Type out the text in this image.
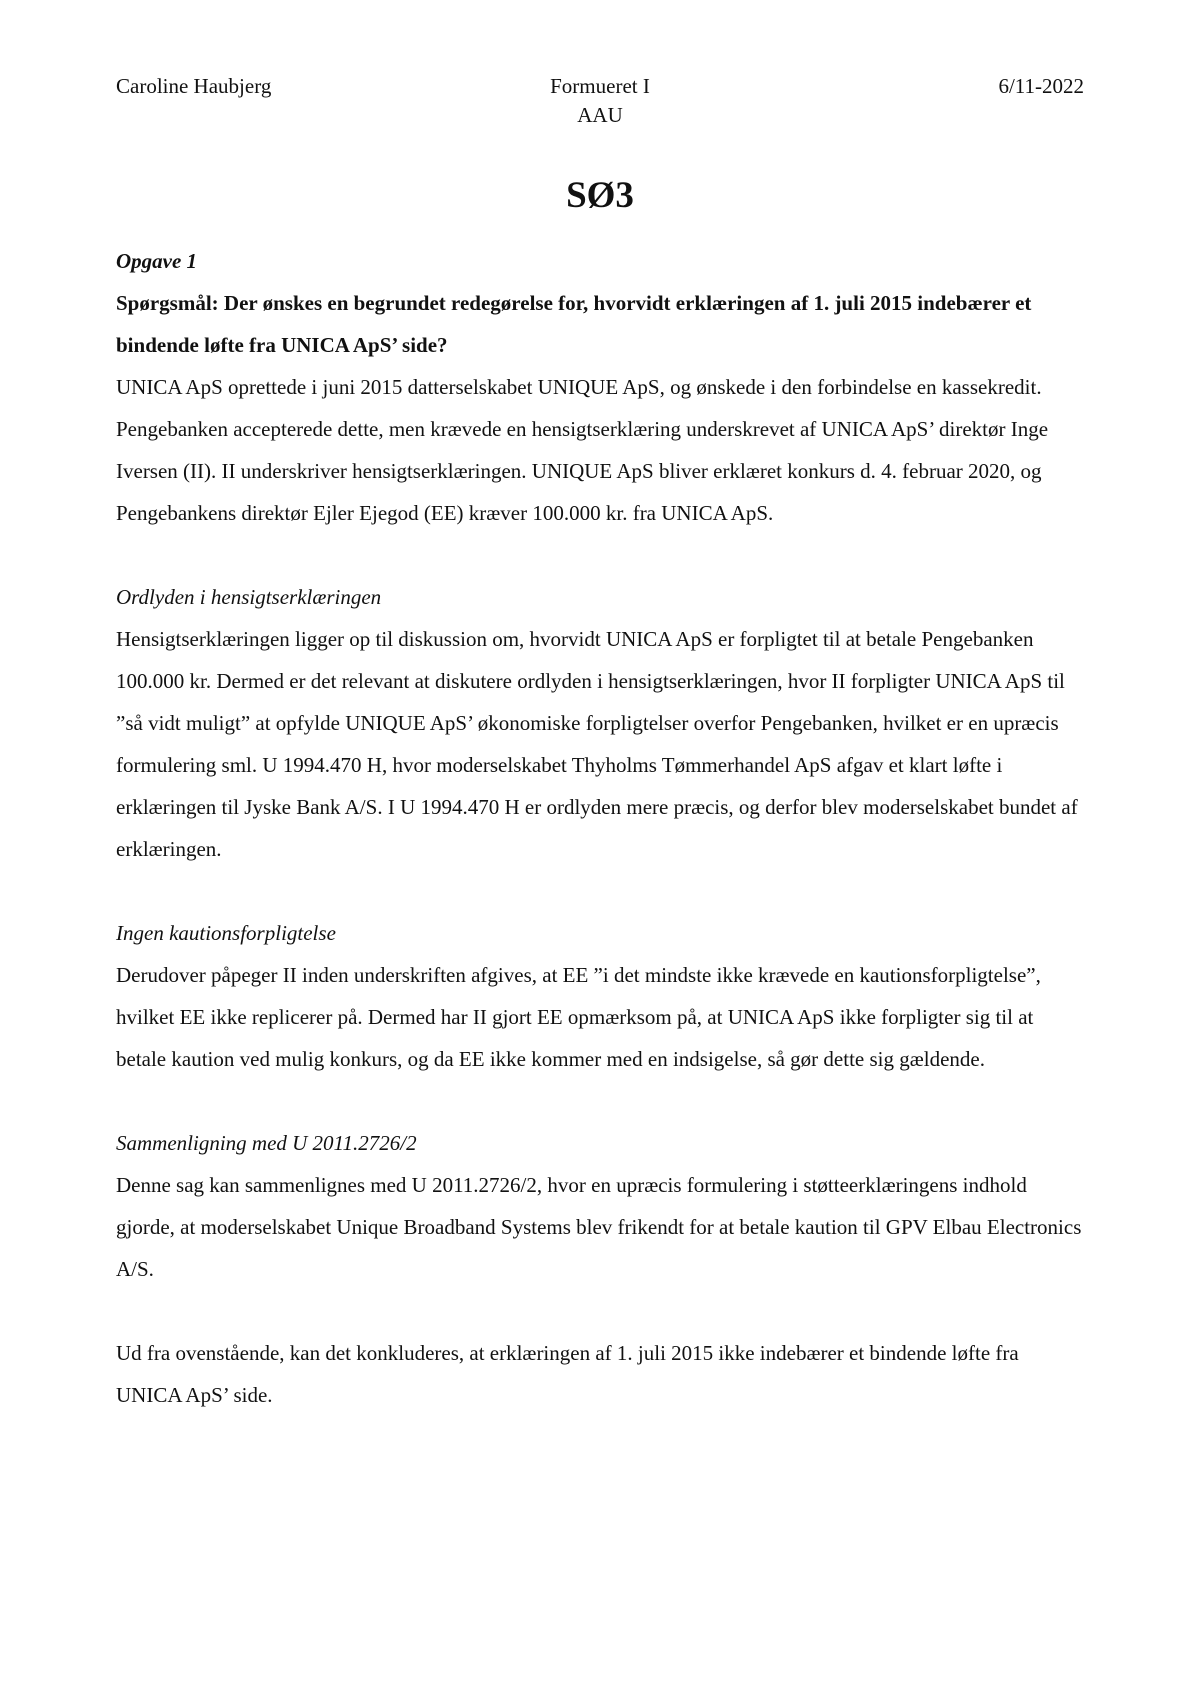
Caroline Haubjerg	Formueret I
AAU
6/11-2022
SØ3

Opgave 1

Spørgsmål: Der ønskes en begrundet redegørelse for, hvorvidt erklæringen af 1. juli 2015 indebærer et bindende løfte fra UNICA ApS’ side?

UNICA ApS oprettede i juni 2015 datterselskabet UNIQUE ApS, og ønskede i den forbindelse en kassekredit. Pengebanken accepterede dette, men krævede en hensigtserklæring underskrevet af UNICA ApS’ direktør Inge Iversen (II). II underskriver hensigtserklæringen. UNIQUE ApS bliver erklæret konkurs d. 4. februar 2020, og Pengebankens direktør Ejler Ejegod (EE) kræver 100.000 kr. fra UNICA ApS.

Ordlyden i hensigtserklæringen

Hensigtserklæringen ligger op til diskussion om, hvorvidt UNICA ApS er forpligtet til at betale Pengebanken 100.000 kr. Dermed er det relevant at diskutere ordlyden i hensigtserklæringen, hvor II forpligter UNICA ApS til ”så vidt muligt” at opfylde UNIQUE ApS’ økonomiske forpligtelser overfor Pengebanken, hvilket er en upræcis formulering sml. U 1994.470 H, hvor moderselskabet Thyholms Tømmerhandel ApS afgav et klart løfte i erklæringen til Jyske Bank A/S. I U 1994.470 H er ordlyden mere præcis, og derfor blev moderselskabet bundet af erklæringen.

Ingen kautionsforpligtelse

Derudover påpeger II inden underskriften afgives, at EE ”i det mindste ikke krævede en kautionsforpligtelse”, hvilket EE ikke replicerer på. Dermed har II gjort EE opmærksom på, at UNICA ApS ikke forpligter sig til at betale kaution ved mulig konkurs, og da EE ikke kommer med en indsigelse, så gør dette sig gældende.

Sammenligning med U 2011.2726/2

Denne sag kan sammenlignes med U 2011.2726/2, hvor en upræcis formulering i støtteerklæringens indhold gjorde, at moderselskabet Unique Broadband Systems blev frikendt for at betale kaution til GPV Elbau Electronics A/S.

Ud fra ovenstående, kan det konkluderes, at erklæringen af 1. juli 2015 ikke indebærer et bindende løfte fra UNICA ApS’ side.
